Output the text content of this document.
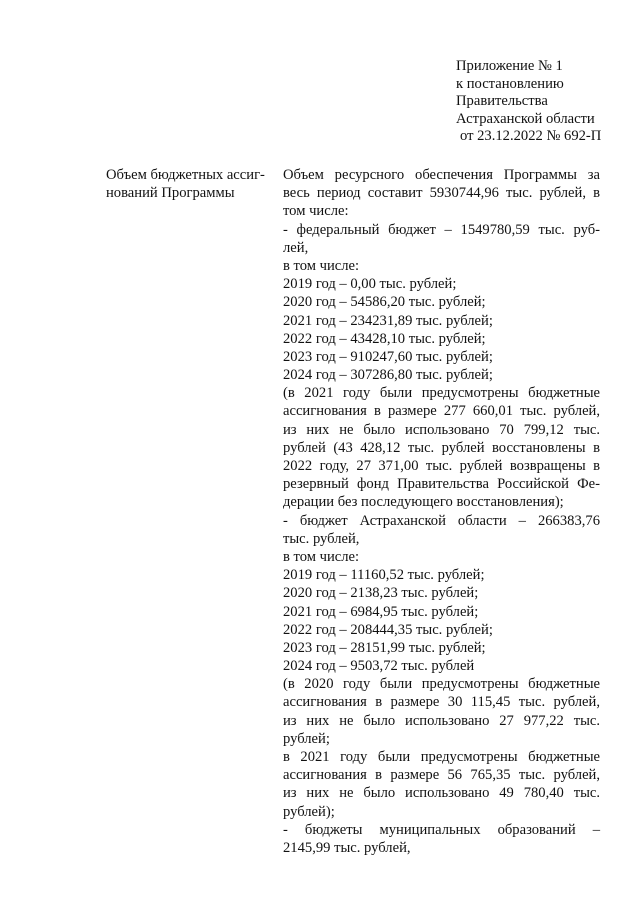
Приложение № 1
к постановлению
Правительства
Астраханской области
от 23.12.2022 № 692-П
Объем бюджетных ассиг-
нований Программы
Объем ресурсного обеспечения Программы за
весь период составит 5930744,96 тыс. рублей, в
том числе:
- федеральный бюджет – 1549780,59 тыс. руб-
лей,
в том числе:
2019 год – 0,00 тыс. рублей;
2020 год – 54586,20 тыс. рублей;
2021 год – 234231,89 тыс. рублей;
2022 год – 43428,10 тыс. рублей;
2023 год – 910247,60 тыс. рублей;
2024 год – 307286,80 тыс. рублей;
(в 2021 году были предусмотрены бюджетные
ассигнования в размере 277 660,01 тыс. рублей,
из них не было использовано 70 799,12 тыс.
рублей (43 428,12 тыс. рублей восстановлены в
2022 году, 27 371,00 тыс. рублей возвращены в
резервный фонд Правительства Российской Фе-
дерации без последующего восстановления);
- бюджет Астраханской области – 266383,76
тыс. рублей,
в том числе:
2019 год – 11160,52 тыс. рублей;
2020 год – 2138,23 тыс. рублей;
2021 год – 6984,95 тыс. рублей;
2022 год – 208444,35 тыс. рублей;
2023 год – 28151,99 тыс. рублей;
2024 год – 9503,72 тыс. рублей
(в 2020 году были предусмотрены бюджетные
ассигнования в размере 30 115,45 тыс. рублей,
из них не было использовано 27 977,22 тыс.
рублей;
в 2021 году были предусмотрены бюджетные
ассигнования в размере 56 765,35 тыс. рублей,
из них не было использовано 49 780,40 тыс.
рублей);
- бюджеты муниципальных образований –
2145,99 тыс. рублей,
